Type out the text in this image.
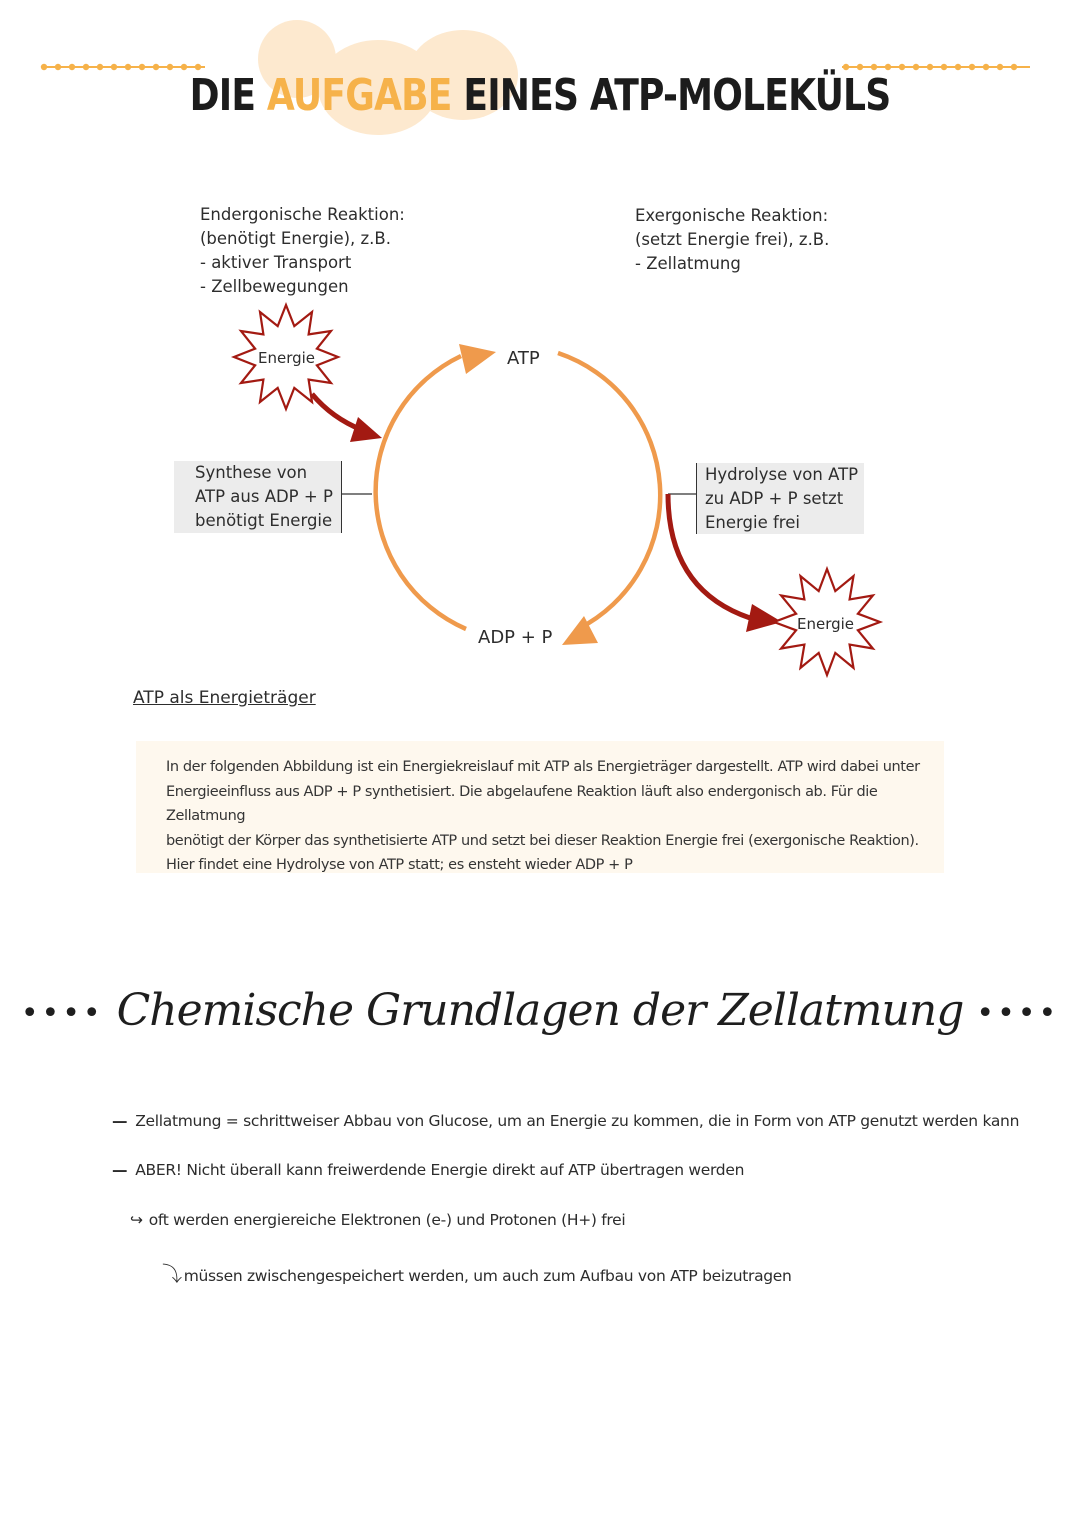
DIE AUFGABE EINES ATP-MOLEKÜLS
Endergonische Reaktion:
(benötigt Energie), z.B.
- aktiver Transport
- Zellbewegungen
Exergonische Reaktion:
(setzt Energie frei), z.B.
- Zellatmung
Energie
Energie
ATP
ADP + P
Synthese von
ATP aus ADP + P
benötigt Energie
Hydrolyse von ATP
zu ADP + P setzt
Energie frei
ATP als Energieträger

In der folgenden Abbildung ist ein Energiekreislauf mit ATP als Energieträger dargestellt. ATP wird dabei unter

Energieeinfluss aus ADP + P synthetisiert. Die abgelaufene Reaktion läuft also endergonisch ab. Für die Zellatmung

benötigt der Körper das synthetisierte ATP und setzt bei dieser Reaktion Energie frei (exergonische Reaktion).

Hier findet eine Hydrolyse von ATP statt; es ensteht wieder ADP + P

•••• Chemische Grundlagen der Zellatmung ••••
— Zellatmung = schrittweiser Abbau von Glucose, um an Energie zu kommen, die in Form von ATP genutzt werden kann
— ABER! Nicht überall kann freiwerdende Energie direkt auf ATP übertragen werden
↪ oft werden energiereiche Elektronen (e-) und Protonen (H+) frei
⤵ müssen zwischengespeichert werden, um auch zum Aufbau von ATP beizutragen
